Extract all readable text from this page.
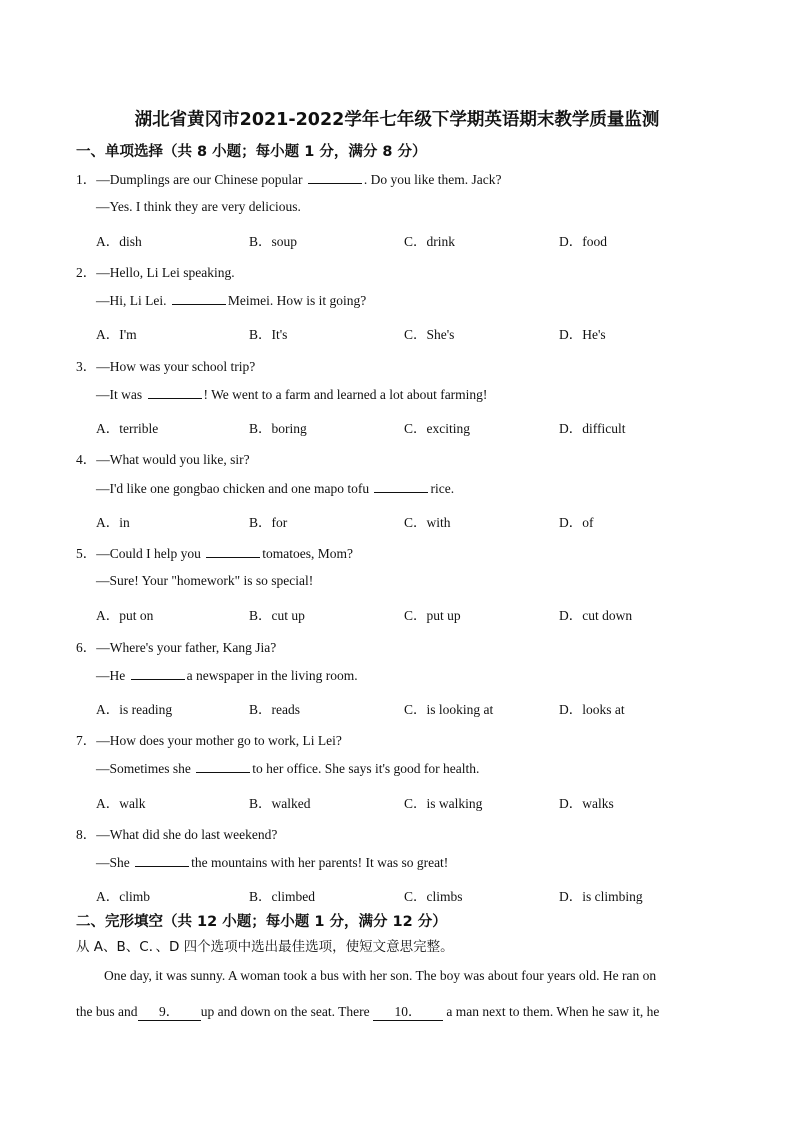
湖北省黄冈市2021-2022学年七年级下学期英语期末教学质量监测
一、单项选择（共 8 小题；每小题 1 分，满分 8 分）
1．—Dumplings are our Chinese popular	. Do you like them. Jack?
—Yes. I think they are very delicious.
A．dish	B．soup	C．drink	D．food
2．—Hello, Li Lei speaking.
—Hi, Li Lei.	Meimei. How is it going?
A．I'm	B．It's	C．She's	D．He's
3．—How was your school trip?
—It was	! We went to a farm and learned a lot about farming!
A．terrible	B．boring	C．exciting	D．difficult
4．—What would you like, sir?
—I'd like one gongbao chicken and one mapo tofu	rice.
A．in	B．for	C．with	D．of
5．—Could I help you	tomatoes, Mom?
—Sure! Your "homework" is so special!
A．put on	B．cut up	C．put up	D．cut down
6．—Where's your father, Kang Jia?
—He	a newspaper in the living room.
A．is reading	B．reads	C．is looking at	D．looks at
7．—How does your mother go to work, Li Lei?
—Sometimes she	to her office. She says it's good for health.
A．walk	B．walked	C．is walking	D．walks
8．—What did she do last weekend?
—She	the mountains with her parents! It was so great!
A．climb	B．climbed	C．climbs	D．is climbing
二、完形填空（共 12 小题；每小题 1 分，满分 12 分）
从 A、B、C．、D 四个选项中选出最佳选项，使短文意思完整。
One day, it was sunny. A woman took a bus with her son. The boy was about four years old. He ran on
the bus and 9． up and down on the seat. There     10．     a man next to them. When he saw it, he
